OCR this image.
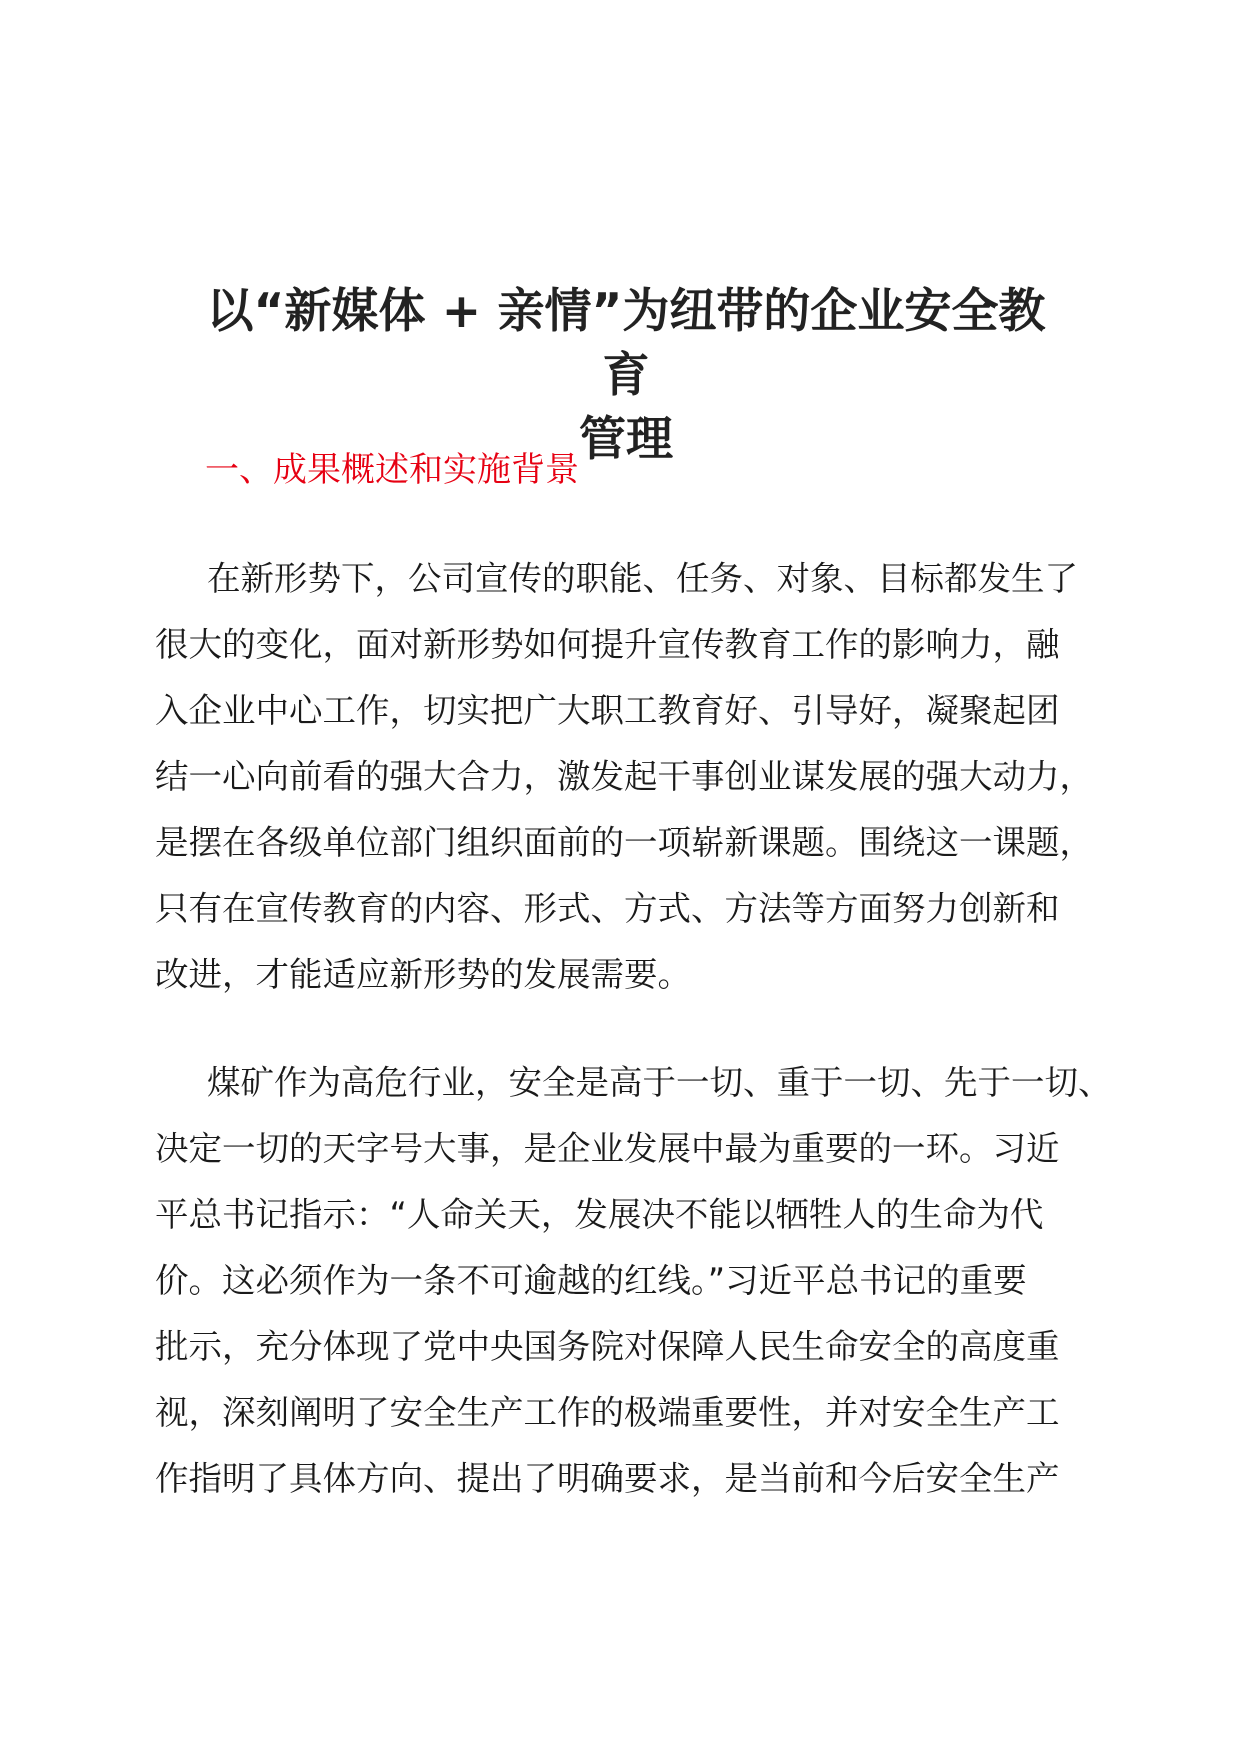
以“新媒体 + 亲情”为纽带的企业安全教育
管理
一、成果概述和实施背景

在新形势下，公司宣传的职能、任务、对象、目标都发生了
很大的变化，面对新形势如何提升宣传教育工作的影响力，融
入企业中心工作，切实把广大职工教育好、引导好，凝聚起团
结一心向前看的强大合力，激发起干事创业谋发展的强大动力，
是摆在各级单位部门组织面前的一项崭新课题。围绕这一课题，
只有在宣传教育的内容、形式、方式、方法等方面努力创新和
改进，才能适应新形势的发展需要。

煤矿作为高危行业，安全是高于一切、重于一切、先于一切、
决定一切的天字号大事，是企业发展中最为重要的一环。习近
平总书记指示：“人命关天，发展决不能以牺牲人的生命为代
价。这必须作为一条不可逾越的红线。”习近平总书记的重要
批示，充分体现了党中央国务院对保障人民生命安全的高度重
视，深刻阐明了安全生产工作的极端重要性，并对安全生产工
作指明了具体方向、提出了明确要求，是当前和今后安全生产
